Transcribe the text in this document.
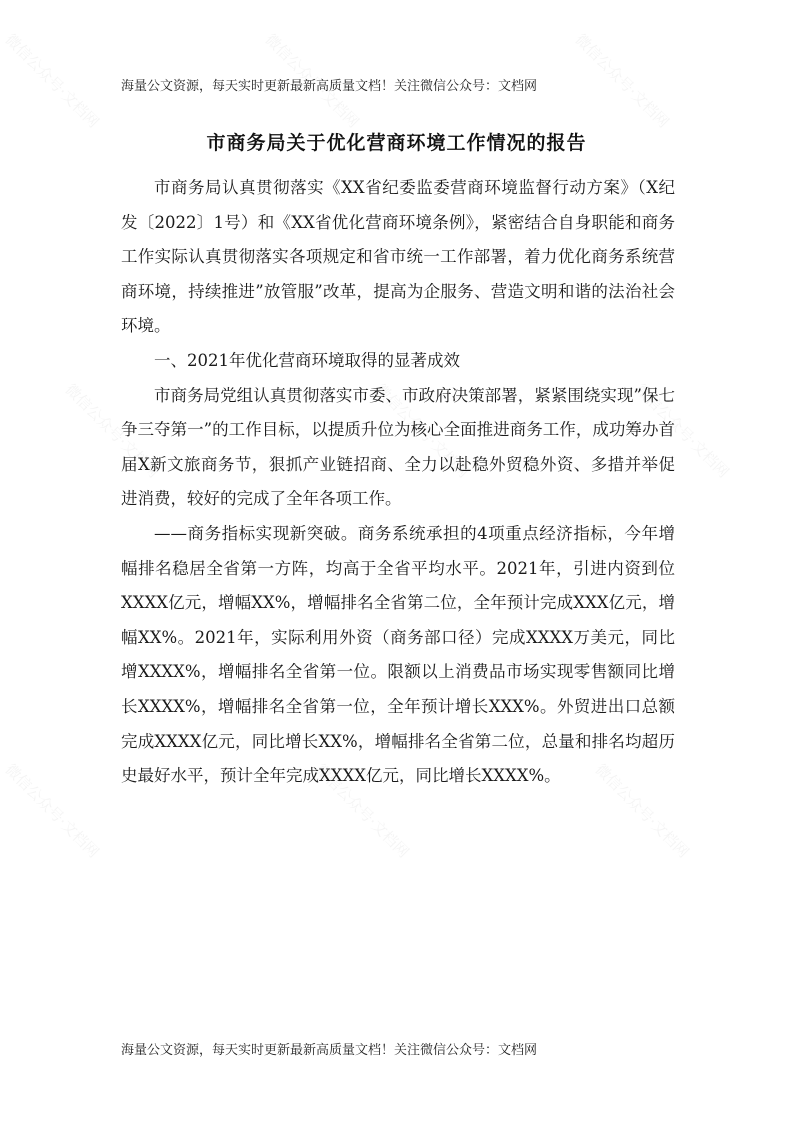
微信公众号·文档网	微信公众号·文档网	微信公众号·文档网
微信公众号·文档网	微信公众号·文档网	微信公众号·文档网
微信公众号·文档网	微信公众号·文档网	微信公众号·文档网
海量公文资源，每天实时更新最新高质量文档！关注微信公众号：文档网
市商务局关于优化营商环境工作情况的报告

市商务局认真贯彻落实《XX省纪委监委营商环境监督行动方案》（X纪发〔2022〕1号）和《XX省优化营商环境条例》，紧密结合自身职能和商务工作实际认真贯彻落实各项规定和省市统一工作部署，着力优化商务系统营商环境，持续推进”放管服”改革，提高为企服务、营造文明和谐的法治社会环境。

一、2021年优化营商环境取得的显著成效

市商务局党组认真贯彻落实市委、市政府决策部署，紧紧围绕实现”保七争三夺第一”的工作目标，以提质升位为核心全面推进商务工作，成功筹办首届X新文旅商务节，狠抓产业链招商、全力以赴稳外贸稳外资、多措并举促进消费，较好的完成了全年各项工作。

——商务指标实现新突破。商务系统承担的4项重点经济指标，今年增幅排名稳居全省第一方阵，均高于全省平均水平。2021年，引进内资到位XXXX亿元，增幅XX%，增幅排名全省第二位，全年预计完成XXX亿元，增幅XX%。2021年，实际利用外资（商务部口径）完成XXXX万美元，同比增XXXX%，增幅排名全省第一位。限额以上消费品市场实现零售额同比增长XXXX%，增幅排名全省第一位，全年预计增长XXX%。外贸进出口总额完成XXXX亿元，同比增长XX%，增幅排名全省第二位，总量和排名均超历史最好水平，预计全年完成XXXX亿元，同比增长XXXX%。

海量公文资源，每天实时更新最新高质量文档！关注微信公众号：文档网
